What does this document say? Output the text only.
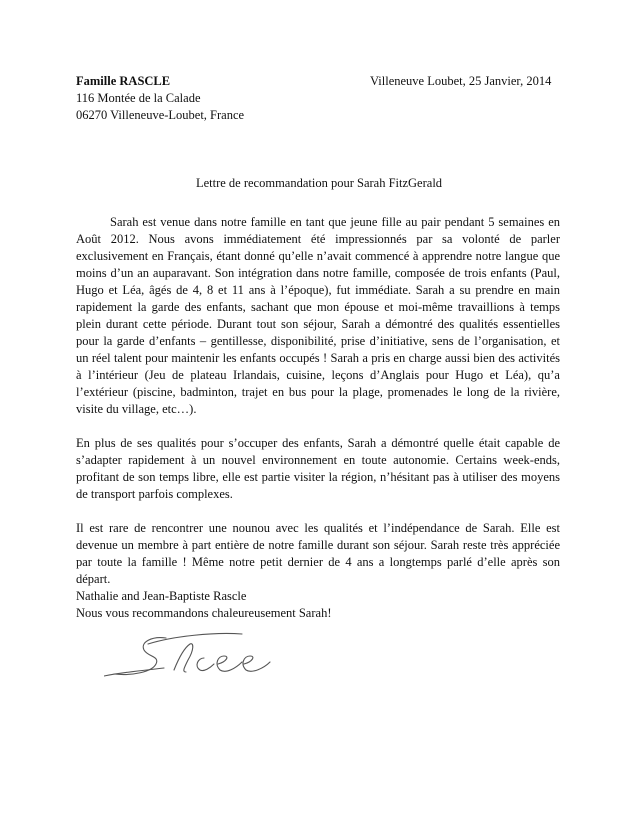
Famille RASCLE
116 Montée de la Calade
06270 Villeneuve-Loubet, France
Villeneuve Loubet, 25 Janvier, 2014
Lettre de recommandation pour Sarah FitzGerald

Sarah est venue dans notre famille en tant que jeune fille au pair pendant 5 semaines en Août 2012. Nous avons immédiatement été impressionnés par sa volonté de parler exclusivement en Français, étant donné qu’elle n’avait commencé à apprendre notre langue que moins d’un an auparavant. Son intégration dans notre famille, composée de trois enfants (Paul, Hugo et Léa, âgés de 4, 8 et 11 ans à l’époque), fut immédiate. Sarah a su prendre en main rapidement la garde des enfants, sachant que mon épouse et moi-même travaillions à temps plein durant cette période. Durant tout son séjour, Sarah a démontré des qualités essentielles pour la garde d’enfants – gentillesse, disponibilité, prise d’initiative, sens de l’organisation, et un réel talent pour maintenir les enfants occupés ! Sarah a pris en charge aussi bien des activités à l’intérieur (Jeu de plateau Irlandais, cuisine, leçons d’Anglais pour Hugo et Léa), qu’a l’extérieur (piscine, badminton, trajet en bus pour la plage, promenades le long de la rivière, visite du village, etc…).

En plus de ses qualités pour s’occuper des enfants, Sarah a démontré quelle était capable de s’adapter rapidement à un nouvel environnement en toute autonomie. Certains week-ends, profitant de son temps libre, elle est partie visiter la région, n’hésitant pas à utiliser des moyens de transport parfois complexes.

Il est rare de rencontrer une nounou avec les qualités et l’indépendance de Sarah. Elle est devenue un membre à part entière de notre famille durant son séjour. Sarah reste très appréciée par toute la famille ! Même notre petit dernier de 4 ans a longtemps parlé d’elle après son départ.

Nous vous recommandons chaleureusement Sarah!

Nathalie and Jean-Baptiste Rascle
